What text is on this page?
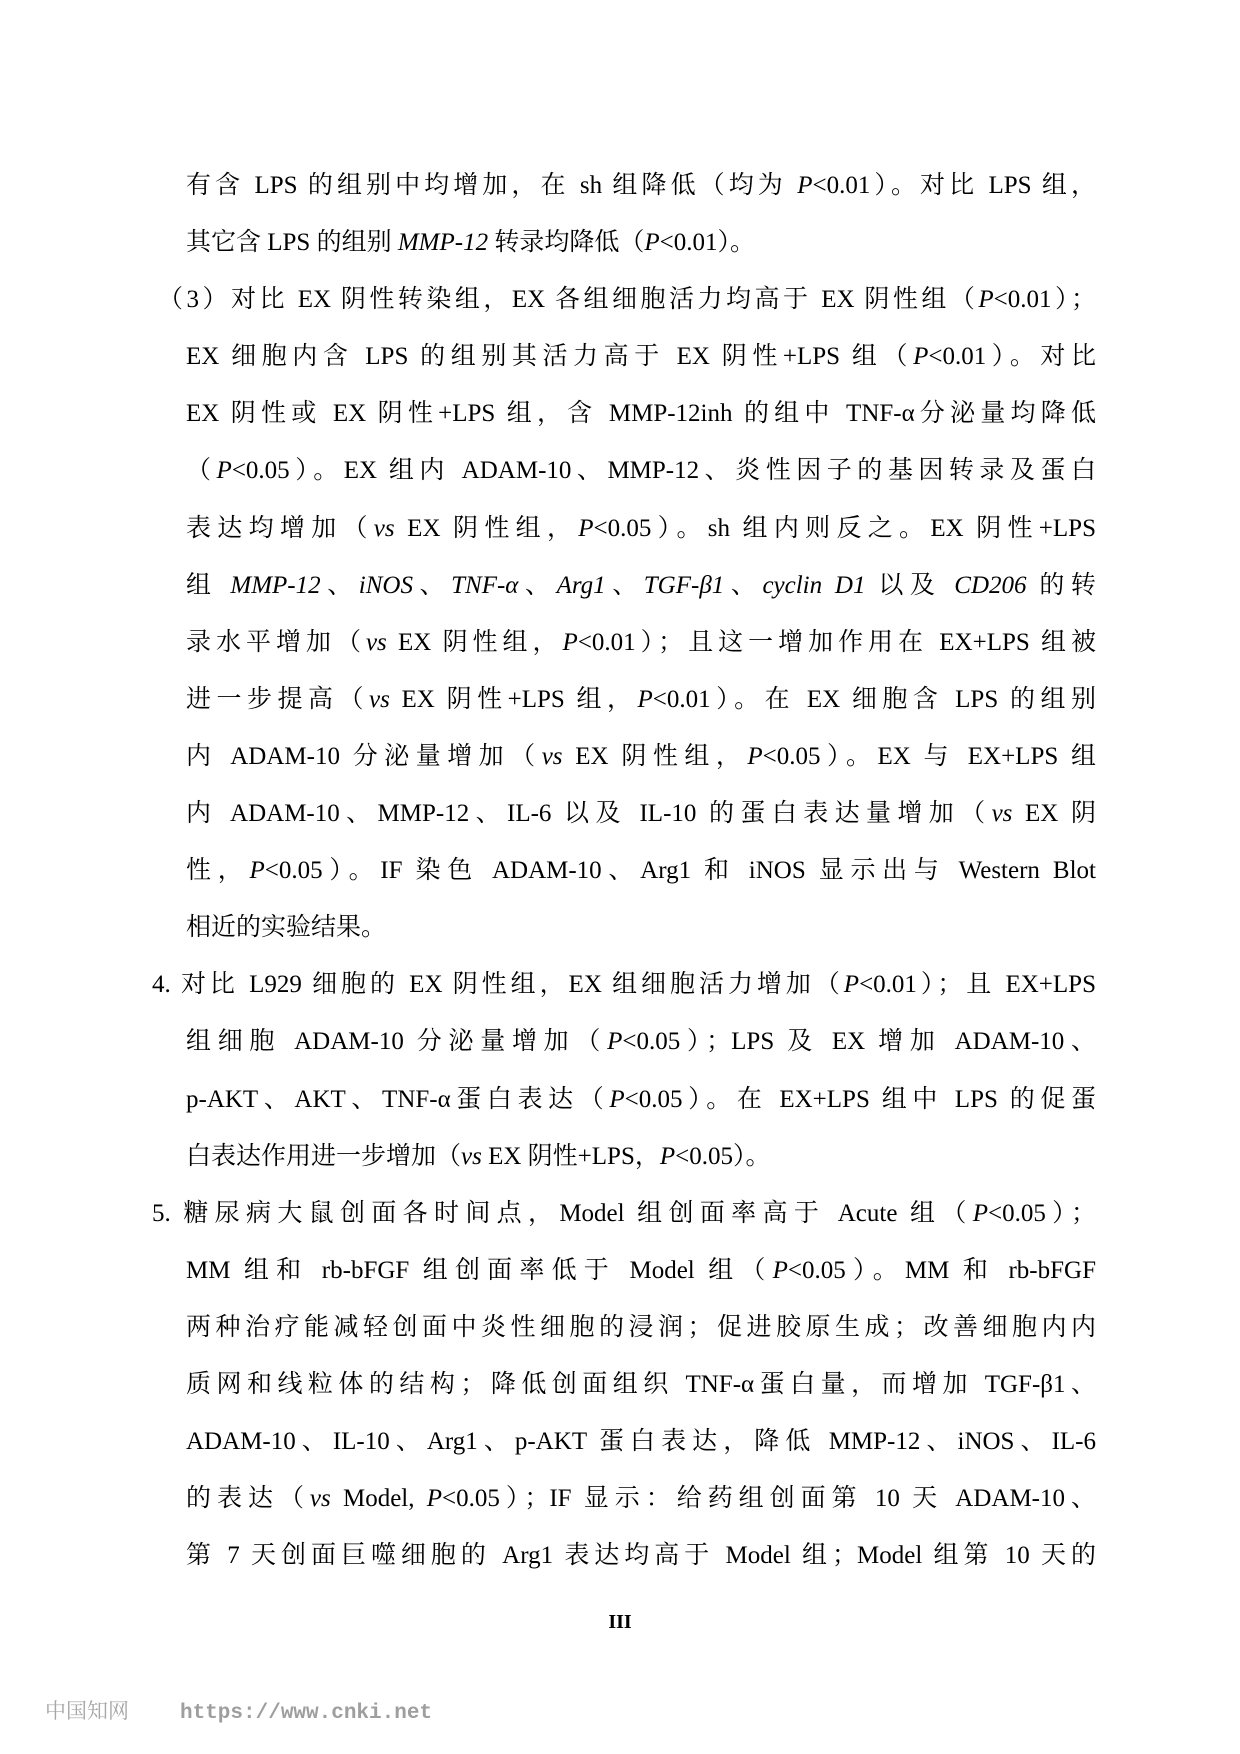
有含 LPS 的组别中均增加，在 sh 组降低（均为 P<0.01）。对比 LPS 组，
其它含 LPS 的组别 MMP-12 转录均降低（P<0.01）。
（3）对比 EX 阴性转染组，EX 各组细胞活力均高于 EX 阴性组（P<0.01）；
EX 细胞内含 LPS 的组别其活力高于 EX 阴性+LPS 组（P<0.01）。对比
EX 阴性或 EX 阴性+LPS 组，含 MMP-12inh 的组中 TNF-α分泌量均降低
（P<0.05）。EX 组内 ADAM-10、MMP-12、炎性因子的基因转录及蛋白
表达均增加（vs EX 阴性组，P<0.05）。sh 组内则反之。EX 阴性+LPS
组 MMP-12、iNOS、TNF-α、Arg1、TGF-β1、cyclin D1 以及 CD206 的转
录水平增加（vs EX 阴性组，P<0.01）；且这一增加作用在 EX+LPS 组被
进一步提高（vs EX 阴性+LPS 组，P<0.01）。在 EX 细胞含 LPS 的组别
内 ADAM-10 分泌量增加（vs EX 阴性组，P<0.05）。EX 与 EX+LPS 组
内 ADAM-10、MMP-12、IL-6 以及 IL-10 的蛋白表达量增加（vs EX 阴
性，P<0.05）。IF 染色 ADAM-10、Arg1 和 iNOS 显示出与 Western Blot
相近的实验结果。
4. 对比 L929 细胞的 EX 阴性组，EX 组细胞活力增加（P<0.01）；且 EX+LPS
组细胞 ADAM-10 分泌量增加（P<0.05）；LPS 及 EX 增加 ADAM-10、
p-AKT、AKT、TNF-α蛋白表达（P<0.05）。在 EX+LPS 组中 LPS 的促蛋
白表达作用进一步增加（vs EX 阴性+LPS，P<0.05）。
5. 糖尿病大鼠创面各时间点，Model 组创面率高于 Acute 组（P<0.05）；
MM 组和 rb-bFGF 组创面率低于 Model 组（P<0.05）。MM 和 rb-bFGF
两种治疗能减轻创面中炎性细胞的浸润；促进胶原生成；改善细胞内内
质网和线粒体的结构；降低创面组织 TNF-α蛋白量，而增加 TGF-β1、
ADAM-10、IL-10、Arg1、p-AKT 蛋白表达，降低 MMP-12、iNOS、IL-6
的表达（vs Model, P<0.05）；IF 显示：给药组创面第 10 天 ADAM-10、
第 7 天创面巨噬细胞的 Arg1 表达均高于 Model 组；Model 组第 10 天的
III
中国知网 https://www.cnki.net
